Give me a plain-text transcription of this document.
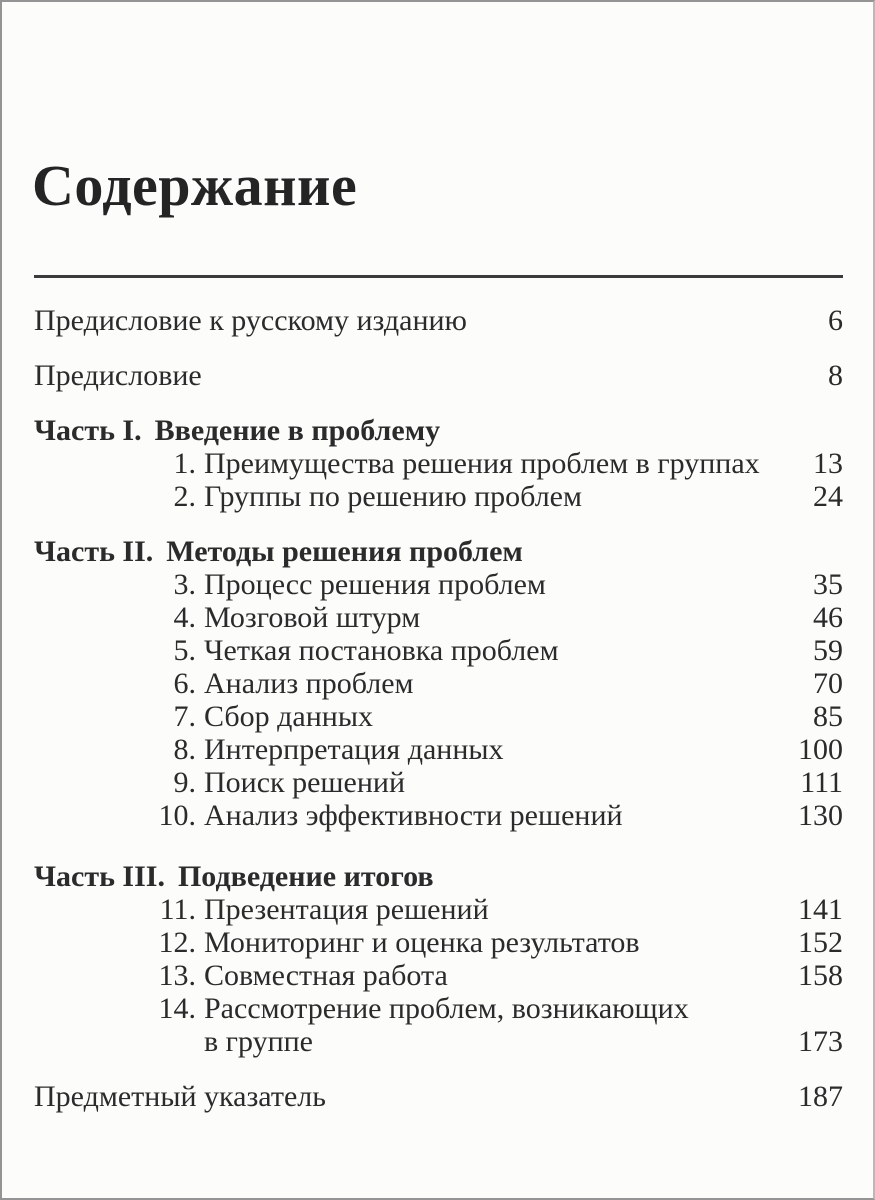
Содержание
Предисловие к русскому изданию	6
Предисловие	8
Часть I. Введение в проблему
1. Преимущества решения проблем в группах	13
2. Группы по решению проблем	24
Часть II. Методы решения проблем
3. Процесс решения проблем	35
4. Мозговой штурм	46
5. Четкая постановка проблем	59
6. Анализ проблем	70
7. Сбор данных	85
8. Интерпретация данных	100
9. Поиск решений	111
10. Анализ эффективности решений	130
Часть III. Подведение итогов
11. Презентация решений	141
12. Мониторинг и оценка результатов	152
13. Совместная работа	158
14. Рассмотрение проблем, возникающих
в группе	173
Предметный указатель	187
